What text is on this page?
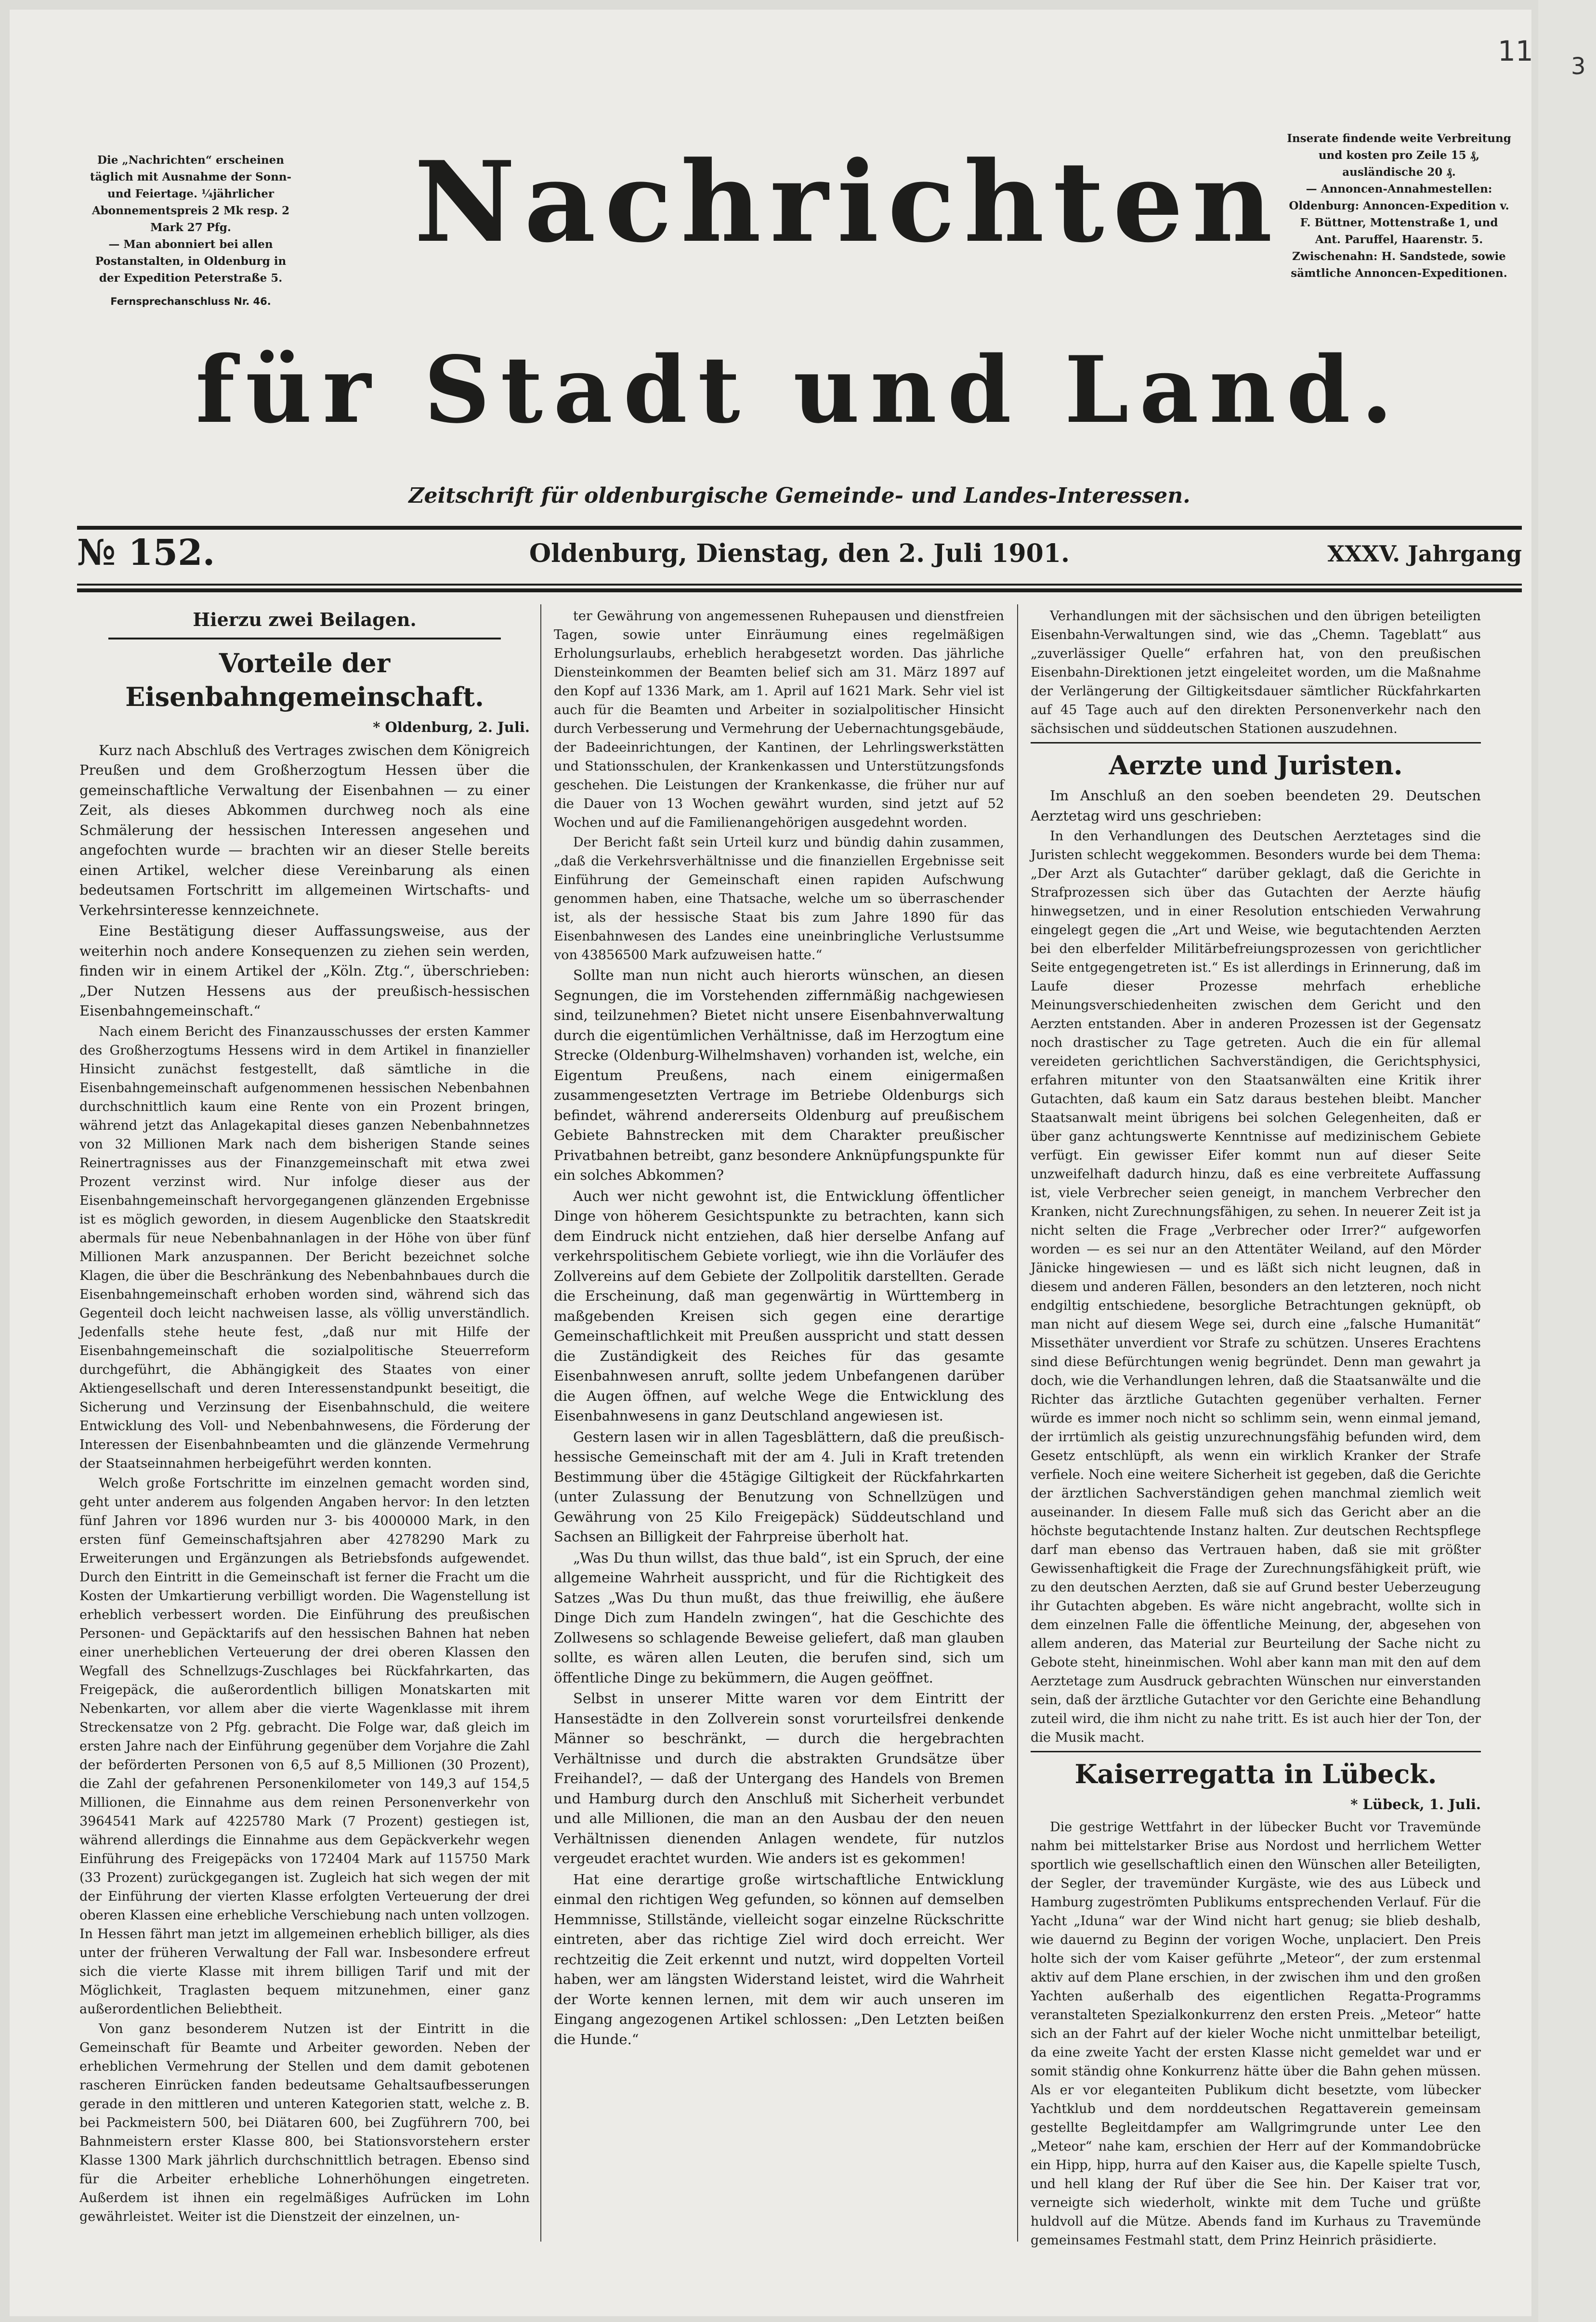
11 3

Die „Nachrichten“ erscheinen täglich mit Ausnahme der Sonn- und Feiertage. ¼jährlicher Abonnementspreis 2 Mk resp. 2 Mark 27 Pfg.
— Man abonniert bei allen Postanstalten, in Oldenburg in der Expedition Peterstraße 5.

Fernsprechanschluss Nr. 46.

Inserate findende weite Verbreitung und kosten pro Zeile 15 ₰, ausländische 20 ₰.
— Annoncen-Annahmestellen: Oldenburg: Annoncen-Expedition v. F. Büttner, Mottenstraße 1, und Ant. Paruffel, Haarenstr. 5. Zwischenahn: H. Sandstede, sowie sämtliche Annoncen-Expeditionen.
Nachrichten
für Stadt und Land.
Zeitschrift für oldenburgische Gemeinde- und Landes-Interessen.
№ 152.	Oldenburg, Dienstag, den 2. Juli 1901.	XXXV. Jahrgang
Hierzu zwei Beilagen.
Vorteile der Eisenbahngemeinschaft.
* Oldenburg, 2. Juli.

Kurz nach Abschluß des Vertrages zwischen dem Königreich Preußen und dem Großherzogtum Hessen über die gemeinschaftliche Verwaltung der Eisenbahnen — zu einer Zeit, als dieses Abkommen durchweg noch als eine Schmälerung der hessischen Interessen angesehen und angefochten wurde — brachten wir an dieser Stelle bereits einen Artikel, welcher diese Vereinbarung als einen bedeutsamen Fortschritt im allgemeinen Wirtschafts- und Verkehrsinteresse kennzeichnete.

Eine Bestätigung dieser Auffassungsweise, aus der weiterhin noch andere Konsequenzen zu ziehen sein werden, finden wir in einem Artikel der „Köln. Ztg.“, überschrieben: „Der Nutzen Hessens aus der preußisch-hessischen Eisenbahngemeinschaft.“

Nach einem Bericht des Finanzausschusses der ersten Kammer des Großherzogtums Hessens wird in dem Artikel in finanzieller Hinsicht zunächst festgestellt, daß sämtliche in die Eisenbahngemeinschaft aufgenommenen hessischen Nebenbahnen durchschnittlich kaum eine Rente von ein Prozent bringen, während jetzt das Anlagekapital dieses ganzen Nebenbahnnetzes von 32 Millionen Mark nach dem bisherigen Stande seines Reinertragnisses aus der Finanzgemeinschaft mit etwa zwei Prozent verzinst wird. Nur infolge dieser aus der Eisenbahngemeinschaft hervorgegangenen glänzenden Ergebnisse ist es möglich geworden, in diesem Augenblicke den Staatskredit abermals für neue Nebenbahnanlagen in der Höhe von über fünf Millionen Mark anzuspannen. Der Bericht bezeichnet solche Klagen, die über die Beschränkung des Nebenbahnbaues durch die Eisenbahngemeinschaft erhoben worden sind, während sich das Gegenteil doch leicht nachweisen lasse, als völlig unverständlich. Jedenfalls stehe heute fest, „daß nur mit Hilfe der Eisenbahngemeinschaft die sozialpolitische Steuerreform durchgeführt, die Abhängigkeit des Staates von einer Aktiengesellschaft und deren Interessenstandpunkt beseitigt, die Sicherung und Verzinsung der Eisenbahnschuld, die weitere Entwicklung des Voll- und Nebenbahnwesens, die Förderung der Interessen der Eisenbahnbeamten und die glänzende Vermehrung der Staatseinnahmen herbeigeführt werden konnten.

Welch große Fortschritte im einzelnen gemacht worden sind, geht unter anderem aus folgenden Angaben hervor: In den letzten fünf Jahren vor 1896 wurden nur 3- bis 4000000 Mark, in den ersten fünf Gemeinschaftsjahren aber 4278290 Mark zu Erweiterungen und Ergänzungen als Betriebsfonds aufgewendet. Durch den Eintritt in die Gemeinschaft ist ferner die Fracht um die Kosten der Umkartierung verbilligt worden. Die Wagenstellung ist erheblich verbessert worden. Die Einführung des preußischen Personen- und Gepäcktarifs auf den hessischen Bahnen hat neben einer unerheblichen Verteuerung der drei oberen Klassen den Wegfall des Schnellzugs-Zuschlages bei Rückfahrkarten, das Freigepäck, die außerordentlich billigen Monatskarten mit Nebenkarten, vor allem aber die vierte Wagenklasse mit ihrem Streckensatze von 2 Pfg. gebracht. Die Folge war, daß gleich im ersten Jahre nach der Einführung gegenüber dem Vorjahre die Zahl der beförderten Personen von 6,5 auf 8,5 Millionen (30 Prozent), die Zahl der gefahrenen Personenkilometer von 149,3 auf 154,5 Millionen, die Einnahme aus dem reinen Personenverkehr von 3964541 Mark auf 4225780 Mark (7 Prozent) gestiegen ist, während allerdings die Einnahme aus dem Gepäckverkehr wegen Einführung des Freigepäcks von 172404 Mark auf 115750 Mark (33 Prozent) zurückgegangen ist. Zugleich hat sich wegen der mit der Einführung der vierten Klasse erfolgten Verteuerung der drei oberen Klassen eine erhebliche Verschiebung nach unten vollzogen. In Hessen fährt man jetzt im allgemeinen erheblich billiger, als dies unter der früheren Verwaltung der Fall war. Insbesondere erfreut sich die vierte Klasse mit ihrem billigen Tarif und mit der Möglichkeit, Traglasten bequem mitzunehmen, einer ganz außerordentlichen Beliebtheit.

Von ganz besonderem Nutzen ist der Eintritt in die Gemeinschaft für Beamte und Arbeiter geworden. Neben der erheblichen Vermehrung der Stellen und dem damit gebotenen rascheren Einrücken fanden bedeutsame Gehaltsaufbesserungen gerade in den mittleren und unteren Kategorien statt, welche z. B. bei Packmeistern 500, bei Diätaren 600, bei Zugführern 700, bei Bahnmeistern erster Klasse 800, bei Stationsvorstehern erster Klasse 1300 Mark jährlich durchschnittlich betragen. Ebenso sind für die Arbeiter erhebliche Lohnerhöhungen eingetreten. Außerdem ist ihnen ein regelmäßiges Aufrücken im Lohn gewährleistet. Weiter ist die Dienstzeit der einzelnen, un-

ter Gewährung von angemessenen Ruhepausen und dienstfreien Tagen, sowie unter Einräumung eines regelmäßigen Erholungsurlaubs, erheblich herabgesetzt worden. Das jährliche Diensteinkommen der Beamten belief sich am 31. März 1897 auf den Kopf auf 1336 Mark, am 1. April auf 1621 Mark. Sehr viel ist auch für die Beamten und Arbeiter in sozialpolitischer Hinsicht durch Verbesserung und Vermehrung der Uebernachtungsgebäude, der Badeeinrichtungen, der Kantinen, der Lehrlingswerkstätten und Stationsschulen, der Krankenkassen und Unterstützungsfonds geschehen. Die Leistungen der Krankenkasse, die früher nur auf die Dauer von 13 Wochen gewährt wurden, sind jetzt auf 52 Wochen und auf die Familienangehörigen ausgedehnt worden.

Der Bericht faßt sein Urteil kurz und bündig dahin zusammen, „daß die Verkehrsverhältnisse und die finanziellen Ergebnisse seit Einführung der Gemeinschaft einen rapiden Aufschwung genommen haben, eine Thatsache, welche um so überraschender ist, als der hessische Staat bis zum Jahre 1890 für das Eisenbahnwesen des Landes eine uneinbringliche Verlustsumme von 43856500 Mark aufzuweisen hatte.“

Sollte man nun nicht auch hierorts wünschen, an diesen Segnungen, die im Vorstehenden ziffernmäßig nachgewiesen sind, teilzunehmen? Bietet nicht unsere Eisenbahnverwaltung durch die eigentümlichen Verhältnisse, daß im Herzogtum eine Strecke (Oldenburg-Wilhelmshaven) vorhanden ist, welche, ein Eigentum Preußens, nach einem einigermaßen zusammengesetzten Vertrage im Betriebe Oldenburgs sich befindet, während andererseits Oldenburg auf preußischem Gebiete Bahnstrecken mit dem Charakter preußischer Privatbahnen betreibt, ganz besondere Anknüpfungspunkte für ein solches Abkommen?

Auch wer nicht gewohnt ist, die Entwicklung öffentlicher Dinge von höherem Gesichtspunkte zu betrachten, kann sich dem Eindruck nicht entziehen, daß hier derselbe Anfang auf verkehrspolitischem Gebiete vorliegt, wie ihn die Vorläufer des Zollvereins auf dem Gebiete der Zollpolitik darstellten. Gerade die Erscheinung, daß man gegenwärtig in Württemberg in maßgebenden Kreisen sich gegen eine derartige Gemeinschaftlichkeit mit Preußen ausspricht und statt dessen die Zuständigkeit des Reiches für das gesamte Eisenbahnwesen anruft, sollte jedem Unbefangenen darüber die Augen öffnen, auf welche Wege die Entwicklung des Eisenbahnwesens in ganz Deutschland angewiesen ist.

Gestern lasen wir in allen Tagesblättern, daß die preußisch-hessische Gemeinschaft mit der am 4. Juli in Kraft tretenden Bestimmung über die 45tägige Giltigkeit der Rückfahrkarten (unter Zulassung der Benutzung von Schnellzügen und Gewährung von 25 Kilo Freigepäck) Süddeutschland und Sachsen an Billigkeit der Fahrpreise überholt hat.

„Was Du thun willst, das thue bald“, ist ein Spruch, der eine allgemeine Wahrheit ausspricht, und für die Richtigkeit des Satzes „Was Du thun mußt, das thue freiwillig, ehe äußere Dinge Dich zum Handeln zwingen“, hat die Geschichte des Zollwesens so schlagende Beweise geliefert, daß man glauben sollte, es wären allen Leuten, die berufen sind, sich um öffentliche Dinge zu bekümmern, die Augen geöffnet.

Selbst in unserer Mitte waren vor dem Eintritt der Hansestädte in den Zollverein sonst vorurteilsfrei denkende Männer so beschränkt, — durch die hergebrachten Verhältnisse und durch die abstrakten Grundsätze über Freihandel?, — daß der Untergang des Handels von Bremen und Hamburg durch den Anschluß mit Sicherheit verbundet und alle Millionen, die man an den Ausbau der den neuen Verhältnissen dienenden Anlagen wendete, für nutzlos vergeudet erachtet wurden. Wie anders ist es gekommen!

Hat eine derartige große wirtschaftliche Entwicklung einmal den richtigen Weg gefunden, so können auf demselben Hemmnisse, Stillstände, vielleicht sogar einzelne Rückschritte eintreten, aber das richtige Ziel wird doch erreicht. Wer rechtzeitig die Zeit erkennt und nutzt, wird doppelten Vorteil haben, wer am längsten Widerstand leistet, wird die Wahrheit der Worte kennen lernen, mit dem wir auch unseren im Eingang angezogenen Artikel schlossen: „Den Letzten beißen die Hunde.“

Verhandlungen mit der sächsischen und den übrigen beteiligten Eisenbahn-Verwaltungen sind, wie das „Chemn. Tageblatt“ aus „zuverlässiger Quelle“ erfahren hat, von den preußischen Eisenbahn-Direktionen jetzt eingeleitet worden, um die Maßnahme der Verlängerung der Giltigkeitsdauer sämtlicher Rückfahrkarten auf 45 Tage auch auf den direkten Personenverkehr nach den sächsischen und süddeutschen Stationen auszudehnen.

Aerzte und Juristen.

Im Anschluß an den soeben beendeten 29. Deutschen Aerztetag wird uns geschrieben:

In den Verhandlungen des Deutschen Aerztetages sind die Juristen schlecht weggekommen. Besonders wurde bei dem Thema: „Der Arzt als Gutachter“ darüber geklagt, daß die Gerichte in Strafprozessen sich über das Gutachten der Aerzte häufig hinwegsetzen, und in einer Resolution entschieden Verwahrung eingelegt gegen die „Art und Weise, wie begutachtenden Aerzten bei den elberfelder Militärbefreiungsprozessen von gerichtlicher Seite entgegengetreten ist.“ Es ist allerdings in Erinnerung, daß im Laufe dieser Prozesse mehrfach erhebliche Meinungsverschiedenheiten zwischen dem Gericht und den Aerzten entstanden. Aber in anderen Prozessen ist der Gegensatz noch drastischer zu Tage getreten. Auch die ein für allemal vereideten gerichtlichen Sachverständigen, die Gerichtsphysici, erfahren mitunter von den Staatsanwälten eine Kritik ihrer Gutachten, daß kaum ein Satz daraus bestehen bleibt. Mancher Staatsanwalt meint übrigens bei solchen Gelegenheiten, daß er über ganz achtungswerte Kenntnisse auf medizinischem Gebiete verfügt. Ein gewisser Eifer kommt nun auf dieser Seite unzweifelhaft dadurch hinzu, daß es eine verbreitete Auffassung ist, viele Verbrecher seien geneigt, in manchem Verbrecher den Kranken, nicht Zurechnungsfähigen, zu sehen. In neuerer Zeit ist ja nicht selten die Frage „Verbrecher oder Irrer?“ aufgeworfen worden — es sei nur an den Attentäter Weiland, auf den Mörder Jänicke hingewiesen — und es läßt sich nicht leugnen, daß in diesem und anderen Fällen, besonders an den letzteren, noch nicht endgiltig entschiedene, besorgliche Betrachtungen geknüpft, ob man nicht auf diesem Wege sei, durch eine „falsche Humanität“ Missethäter unverdient vor Strafe zu schützen. Unseres Erachtens sind diese Befürchtungen wenig begründet. Denn man gewahrt ja doch, wie die Verhandlungen lehren, daß die Staatsanwälte und die Richter das ärztliche Gutachten gegenüber verhalten. Ferner würde es immer noch nicht so schlimm sein, wenn einmal jemand, der irrtümlich als geistig unzurechnungsfähig befunden wird, dem Gesetz entschlüpft, als wenn ein wirklich Kranker der Strafe verfiele. Noch eine weitere Sicherheit ist gegeben, daß die Gerichte der ärztlichen Sachverständigen gehen manchmal ziemlich weit auseinander. In diesem Falle muß sich das Gericht aber an die höchste begutachtende Instanz halten. Zur deutschen Rechtspflege darf man ebenso das Vertrauen haben, daß sie mit größter Gewissenhaftigkeit die Frage der Zurechnungsfähigkeit prüft, wie zu den deutschen Aerzten, daß sie auf Grund bester Ueberzeugung ihr Gutachten abgeben. Es wäre nicht angebracht, wollte sich in dem einzelnen Falle die öffentliche Meinung, der, abgesehen von allem anderen, das Material zur Beurteilung der Sache nicht zu Gebote steht, hineinmischen. Wohl aber kann man mit den auf dem Aerztetage zum Ausdruck gebrachten Wünschen nur einverstanden sein, daß der ärztliche Gutachter vor den Gerichte eine Behandlung zuteil wird, die ihm nicht zu nahe tritt. Es ist auch hier der Ton, der die Musik macht.

Kaiserregatta in Lübeck.
* Lübeck, 1. Juli.

Die gestrige Wettfahrt in der lübecker Bucht vor Travemünde nahm bei mittelstarker Brise aus Nordost und herrlichem Wetter sportlich wie gesellschaftlich einen den Wünschen aller Beteiligten, der Segler, der travemünder Kurgäste, wie des aus Lübeck und Hamburg zugeströmten Publikums entsprechenden Verlauf. Für die Yacht „Iduna“ war der Wind nicht hart genug; sie blieb deshalb, wie dauernd zu Beginn der vorigen Woche, unplaciert. Den Preis holte sich der vom Kaiser geführte „Meteor“, der zum erstenmal aktiv auf dem Plane erschien, in der zwischen ihm und den großen Yachten außerhalb des eigentlichen Regatta-Programms veranstalteten Spezialkonkurrenz den ersten Preis. „Meteor“ hatte sich an der Fahrt auf der kieler Woche nicht unmittelbar beteiligt, da eine zweite Yacht der ersten Klasse nicht gemeldet war und er somit ständig ohne Konkurrenz hätte über die Bahn gehen müssen. Als er vor eleganteiten Publikum dicht besetzte, vom lübecker Yachtklub und dem norddeutschen Regattaverein gemeinsam gestellte Begleitdampfer am Wallgrimgrunde unter Lee den „Meteor“ nahe kam, erschien der Herr auf der Kommandobrücke ein Hipp, hipp, hurra auf den Kaiser aus, die Kapelle spielte Tusch, und hell klang der Ruf über die See hin. Der Kaiser trat vor, verneigte sich wiederholt, winkte mit dem Tuche und grüßte huldvoll auf die Mütze. Abends fand im Kurhaus zu Travemünde gemeinsames Festmahl statt, dem Prinz Heinrich präsidierte.
